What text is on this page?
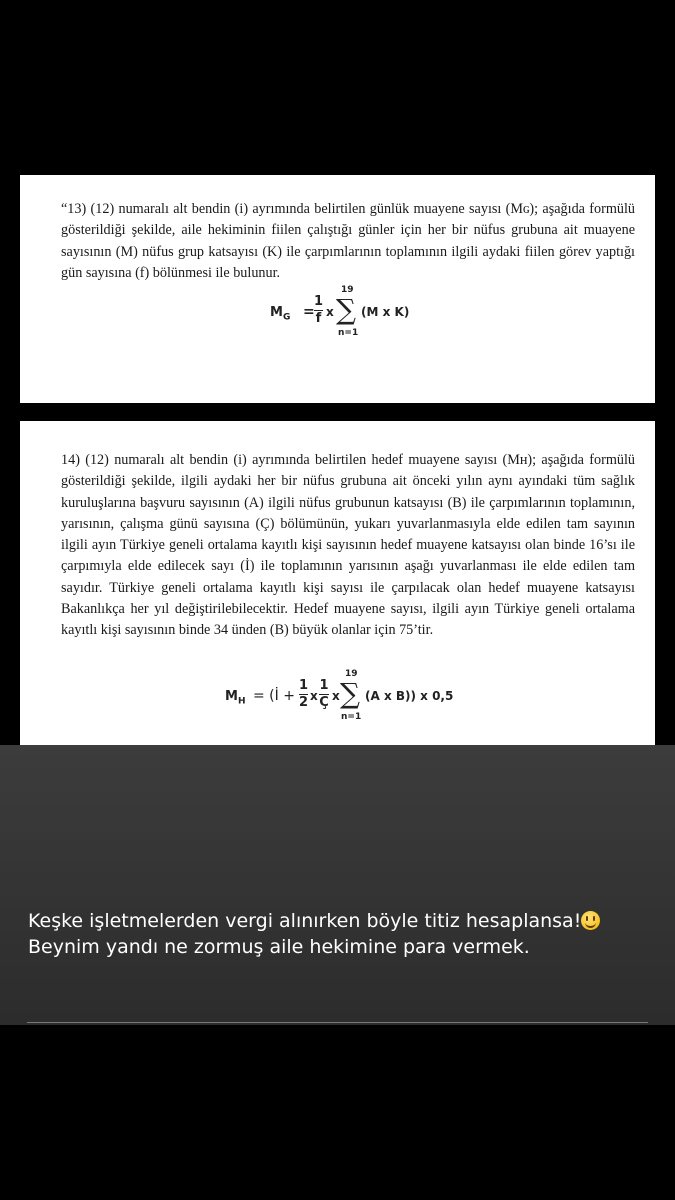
“13) (12) numaralı alt bendin (i) ayrımında belirtilen günlük muayene sayısı (Mɢ); aşağıda formülü gösterildiği şekilde, aile hekiminin fiilen çalıştığı günler için her bir nüfus grubuna ait muayene sayısının (M) nüfus grup katsayısı (K) ile çarpımlarının toplamının ilgili aydaki fiilen görev yaptığı gün sayısına (f) bölünmesi ile bulunur.

$M_G$ =
1
f x
19
∑
n=1
(M x K)

14) (12) numaralı alt bendin (i) ayrımında belirtilen hedef muayene sayısı (Mʜ); aşağıda formülü gösterildiği şekilde, ilgili aydaki her bir nüfus grubuna ait önceki yılın aynı ayındaki tüm sağlık kuruluşlarına başvuru sayısının (A) ilgili nüfus grubunun katsayısı (B) ile çarpımlarının toplamının, yarısının, çalışma günü sayısına (Ç) bölümünün, yukarı yuvarlanmasıyla elde edilen tam sayının ilgili ayın Türkiye geneli ortalama kayıtlı kişi sayısının hedef muayene katsayısı olan binde 16’sı ile çarpımıyla elde edilecek sayı (İ) ile toplamının yarısının aşağı yuvarlanması ile elde edilen tam sayıdır. Türkiye geneli ortalama kayıtlı kişi sayısı ile çarpılacak olan hedef muayene katsayısı Bakanlıkça her yıl değiştirilebilecektir. Hedef muayene sayısı, ilgili ayın Türkiye geneli ortalama kayıtlı kişi sayısının binde 34 ünden (B) büyük olanlar için 75’tir.

$M_H$ = (İ +
1
2 x
1
Ç x
19
∑
n=1
(A x B)) x 0,5

Keşke işletmelerden vergi alınırken böyle titiz hesaplansa! Beynim yandı ne zormuş aile hekimine para vermek.
